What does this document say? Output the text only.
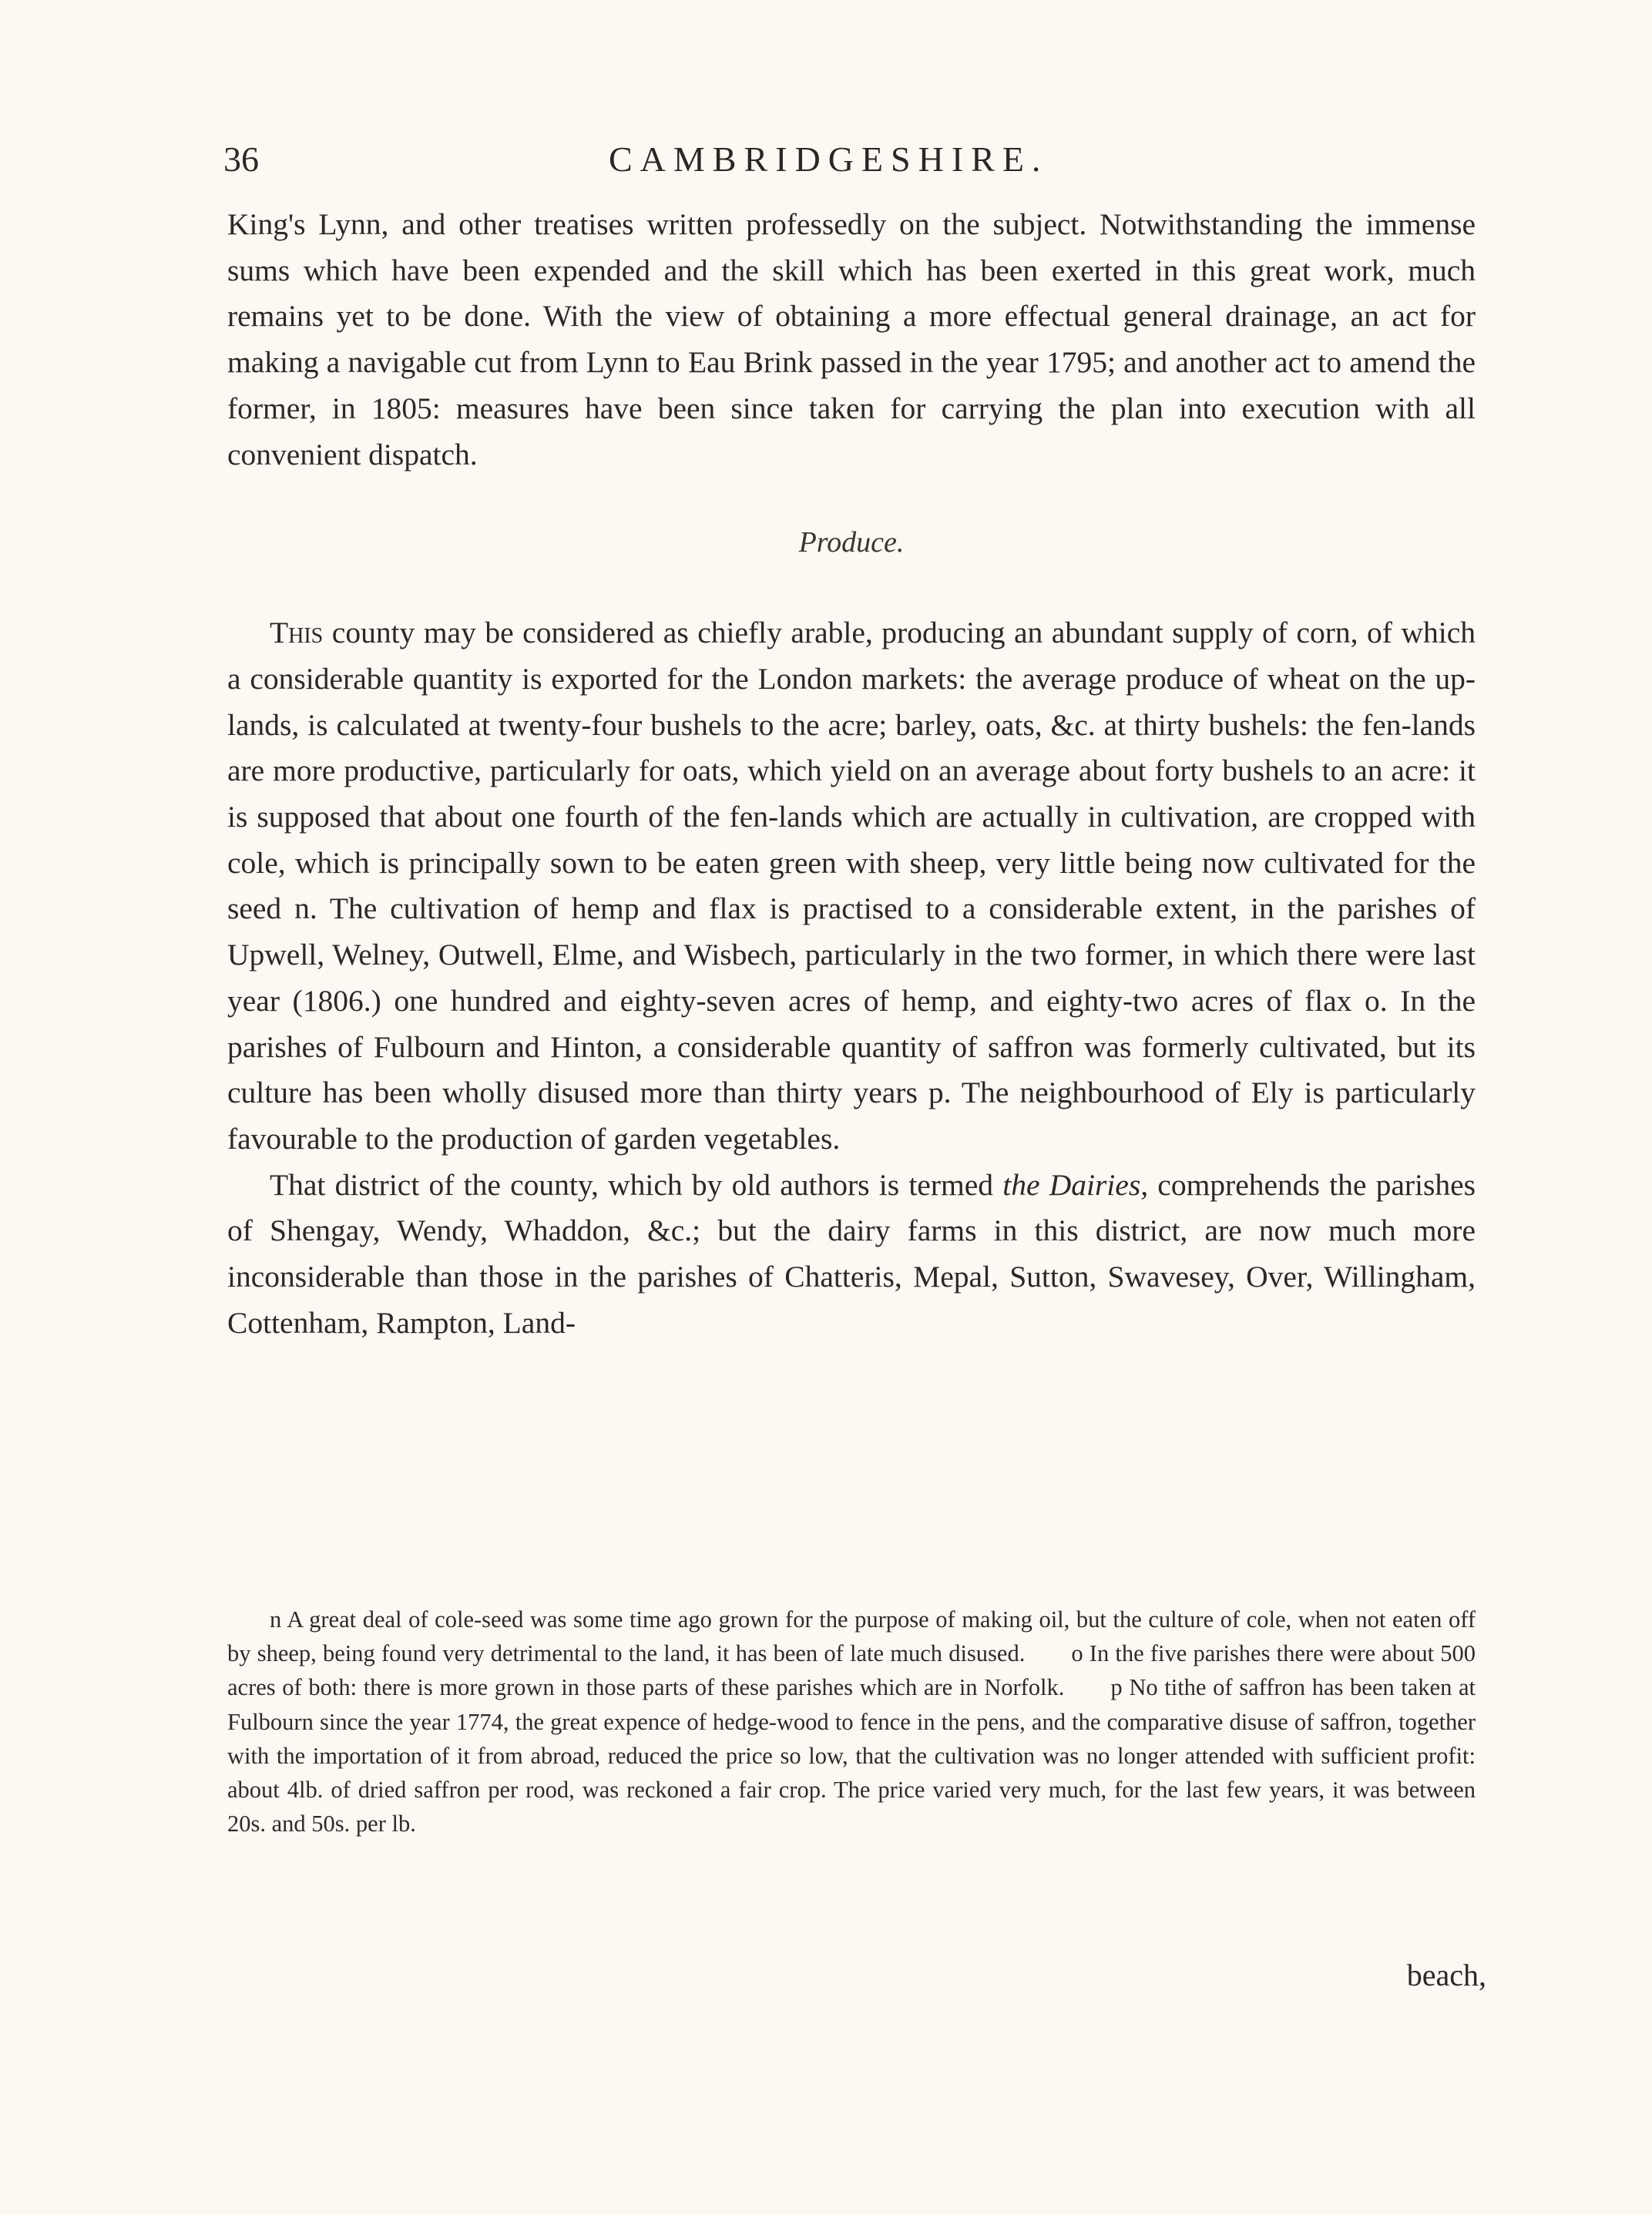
36	CAMBRIDGESHIRE.

King's Lynn, and other treatises written professedly on the subject. Notwithstanding the immense sums which have been expended and the skill which has been exerted in this great work, much remains yet to be done. With the view of obtaining a more effectual general drainage, an act for making a navigable cut from Lynn to Eau Brink passed in the year 1795; and another act to amend the former, in 1805: measures have been since taken for carrying the plan into execution with all convenient dispatch.

Produce.

This county may be considered as chiefly arable, producing an abundant supply of corn, of which a considerable quantity is exported for the London markets: the average produce of wheat on the up-lands, is calculated at twenty-four bushels to the acre; barley, oats, &c. at thirty bushels: the fen-lands are more productive, particularly for oats, which yield on an average about forty bushels to an acre: it is supposed that about one fourth of the fen-lands which are actually in cultivation, are cropped with cole, which is principally sown to be eaten green with sheep, very little being now cultivated for the seed n. The cultivation of hemp and flax is practised to a considerable extent, in the parishes of Upwell, Welney, Outwell, Elme, and Wisbech, particularly in the two former, in which there were last year (1806.) one hundred and eighty-seven acres of hemp, and eighty-two acres of flax o. In the parishes of Fulbourn and Hinton, a considerable quantity of saffron was formerly cultivated, but its culture has been wholly disused more than thirty years p. The neighbourhood of Ely is particularly favourable to the production of garden vegetables.

That district of the county, which by old authors is termed the Dairies, comprehends the parishes of Shengay, Wendy, Whaddon, &c.; but the dairy farms in this district, are now much more inconsiderable than those in the parishes of Chatteris, Mepal, Sutton, Swavesey, Over, Willingham, Cottenham, Rampton, Land-

n A great deal of cole-seed was some time ago grown for the purpose of making oil, but the culture of cole, when not eaten off by sheep, being found very detrimental to the land, it has been of late much disused. o In the five parishes there were about 500 acres of both: there is more grown in those parts of these parishes which are in Norfolk. p No tithe of saffron has been taken at Fulbourn since the year 1774, the great expence of hedge-wood to fence in the pens, and the comparative disuse of saffron, together with the importation of it from abroad, reduced the price so low, that the cultivation was no longer attended with sufficient profit: about 4lb. of dried saffron per rood, was reckoned a fair crop. The price varied very much, for the last few years, it was between 20s. and 50s. per lb.

beach,
